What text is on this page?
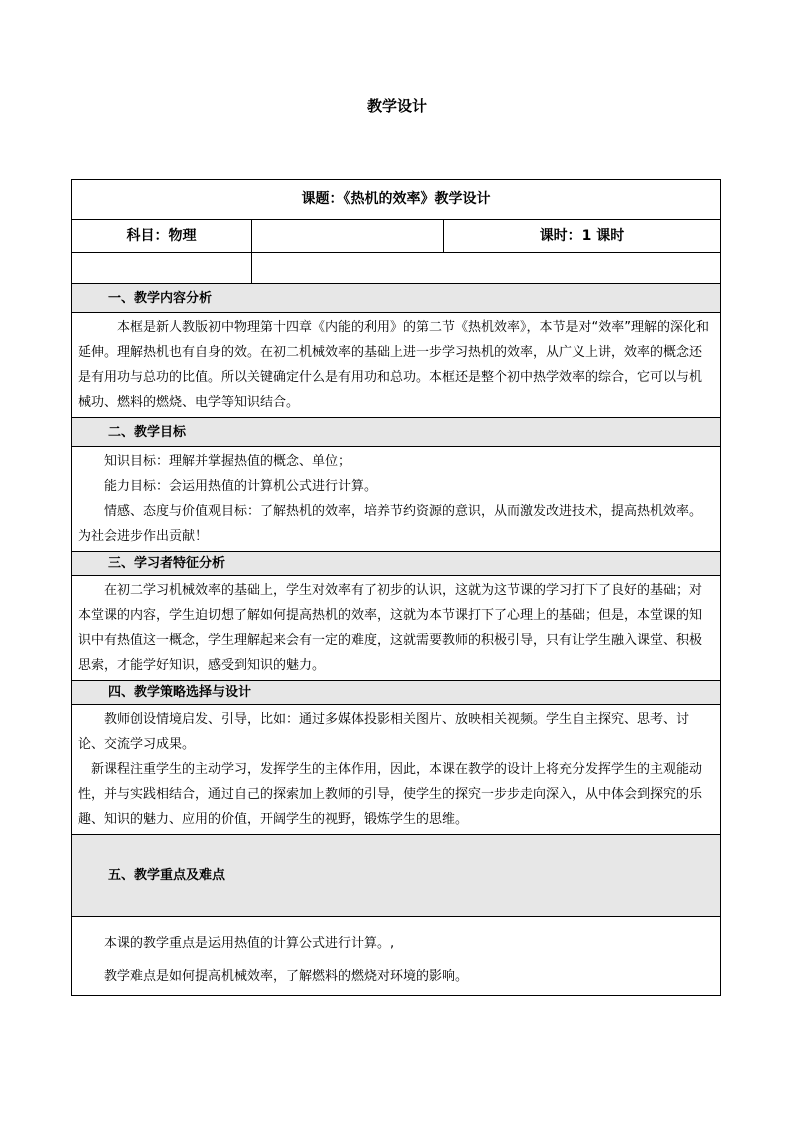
教学设计
课题：《热机的效率》教学设计		
科目：物理		课时：1 课时

一、教学内容分析		

本框是新人教版初中物理第十四章《内能的利用》的第二节《热机效率》，本节是对“效率”理解的深化和延伸。理解热机也有自身的效。在初二机械效率的基础上进一步学习热机的效率，从广义上讲，效率的概念还是有用功与总功的比值。所以关键确定什么是有用功和总功。本框还是整个初中热学效率的综合，它可以与机械功、燃料的燃烧、电学等知识结合。		

二、教学目标		

知识目标：理解并掌握热值的概念、单位；

能力目标：会运用热值的计算机公式进行计算。

情感、态度与价值观目标：了解热机的效率，培养节约资源的意识，从而激发改进技术，提高热机效率。为社会进步作出贡献！		

三、学习者特征分析		

在初二学习机械效率的基础上，学生对效率有了初步的认识，这就为这节课的学习打下了良好的基础；对本堂课的内容，学生迫切想了解如何提高热机的效率，这就为本节课打下了心理上的基础；但是，本堂课的知识中有热值这一概念，学生理解起来会有一定的难度，这就需要教师的积极引导，只有让学生融入课堂、积极思索，才能学好知识，感受到知识的魅力。		

四、教学策略选择与设计		

教师创设情境启发、引导，比如：通过多媒体投影相关图片、放映相关视频。学生自主探究、思考、讨论、交流学习成果。

新课程注重学生的主动学习，发挥学生的主体作用，因此，本课在教学的设计上将充分发挥学生的主观能动性，并与实践相结合，通过自己的探索加上教师的引导，使学生的探究一步步走向深入，从中体会到探究的乐趣、知识的魅力、应用的价值，开阔学生的视野，锻炼学生的思维。		

五、教学重点及难点		

本课的教学重点是运用热值的计算公式进行计算。,

教学难点是如何提高机械效率，了解燃料的燃烧对环境的影响。		
